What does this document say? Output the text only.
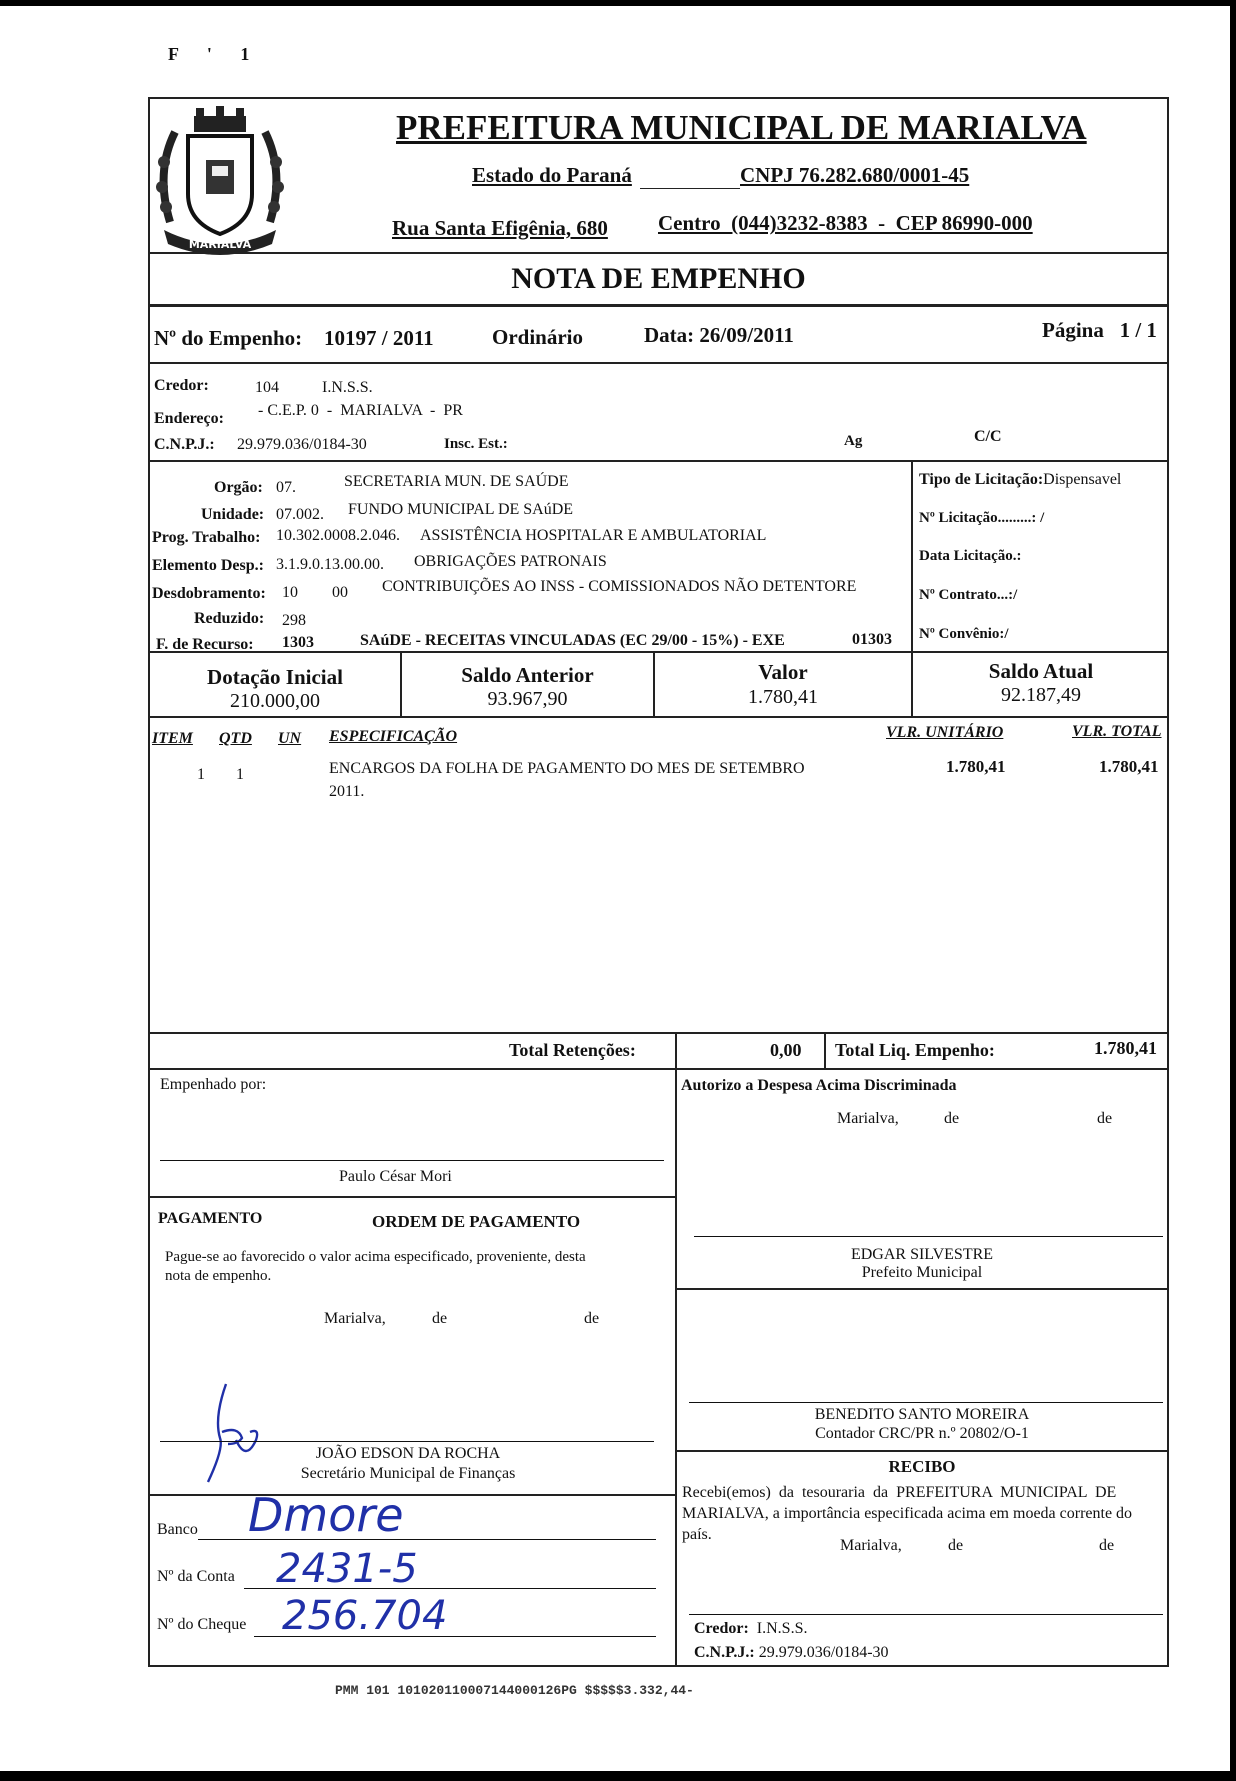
F ' 1
MARIALVA
PREFEITURA MUNICIPAL DE MARIALVA
Estado do Paraná	CNPJ 76.282.680/0001-45
Rua Santa Efigênia, 680 Centro  (044)3232-8383  -  CEP 86990-000
NOTA DE EMPENHO
Nº do Empenho: 10197 / 2011	Ordinário	Data: 26/09/2011	Página   1 / 1
Credor:	104	I.N.S.S.
Endereço: - C.E.P. 0  -  MARIALVA  -  PR
C.N.P.J.: 29.979.036/0184-30	Insc. Est.:	Ag	C/C
Orgão: 07.	SECRETARIA MUN. DE SAÚDE
Unidade: 07.002. FUNDO MUNICIPAL DE SAúDE
Prog. Trabalho: 10.302.0008.2.046. ASSISTÊNCIA HOSPITALAR E AMBULATORIAL
Elemento Desp.: 3.1.9.0.13.00.00. OBRIGAÇÕES PATRONAIS
Desdobramento: 10 00 CONTRIBUIÇÕES AO INSS - COMISSIONADOS NÃO DETENTORE
Reduzido: 298
F. de Recurso: 1303	SAúDE - RECEITAS VINCULADAS (EC 29/00 - 15%) - EXE	01303
Tipo de Licitação:Dispensavel
Nº Licitação.........: /
Data Licitação.:
Nº Contrato...:/
Nº Convênio:/
Dotação Inicial
210.000,00
Saldo Anterior
93.967,90
Valor
1.780,41
Saldo Atual
92.187,49
ITEM QTD UN ESPECIFICAÇÃO	VLR. UNITÁRIO	VLR. TOTAL
1 1	ENCARGOS DA FOLHA DE PAGAMENTO DO MES DE SETEMBRO
2011.
1.780,41	1.780,41
Total Retenções:	0,00 Total Liq. Empenho:	1.780,41
Empenhado por:
Paulo César Mori
Autorizo a Despesa Acima Discriminada
Marialva,	de	de
EDGAR SILVESTRE
Prefeito Municipal
PAGAMENTO	ORDEM DE PAGAMENTO
Pague-se ao favorecido o valor acima especificado, proveniente, desta
nota de empenho.
Marialva,	de	de
JOÃO EDSON DA ROCHA
Secretário Municipal de Finanças
BENEDITO SANTO MOREIRA
Contador CRC/PR n.º 20802/O-1
RECIBO
Recebi(emos)  da  tesouraria  da  PREFEITURA  MUNICIPAL  DE
MARIALVA, a importância especificada acima em moeda corrente do
país.
Marialva,	de	de
Credor: I.N.S.S.
C.N.P.J.: 29.979.036/0184-30
Banco Dmore
Nº da Conta 2431-5
Nº do Cheque 256.704
PMM 101 101020110007144000126PG $$$$$3.332,44-
